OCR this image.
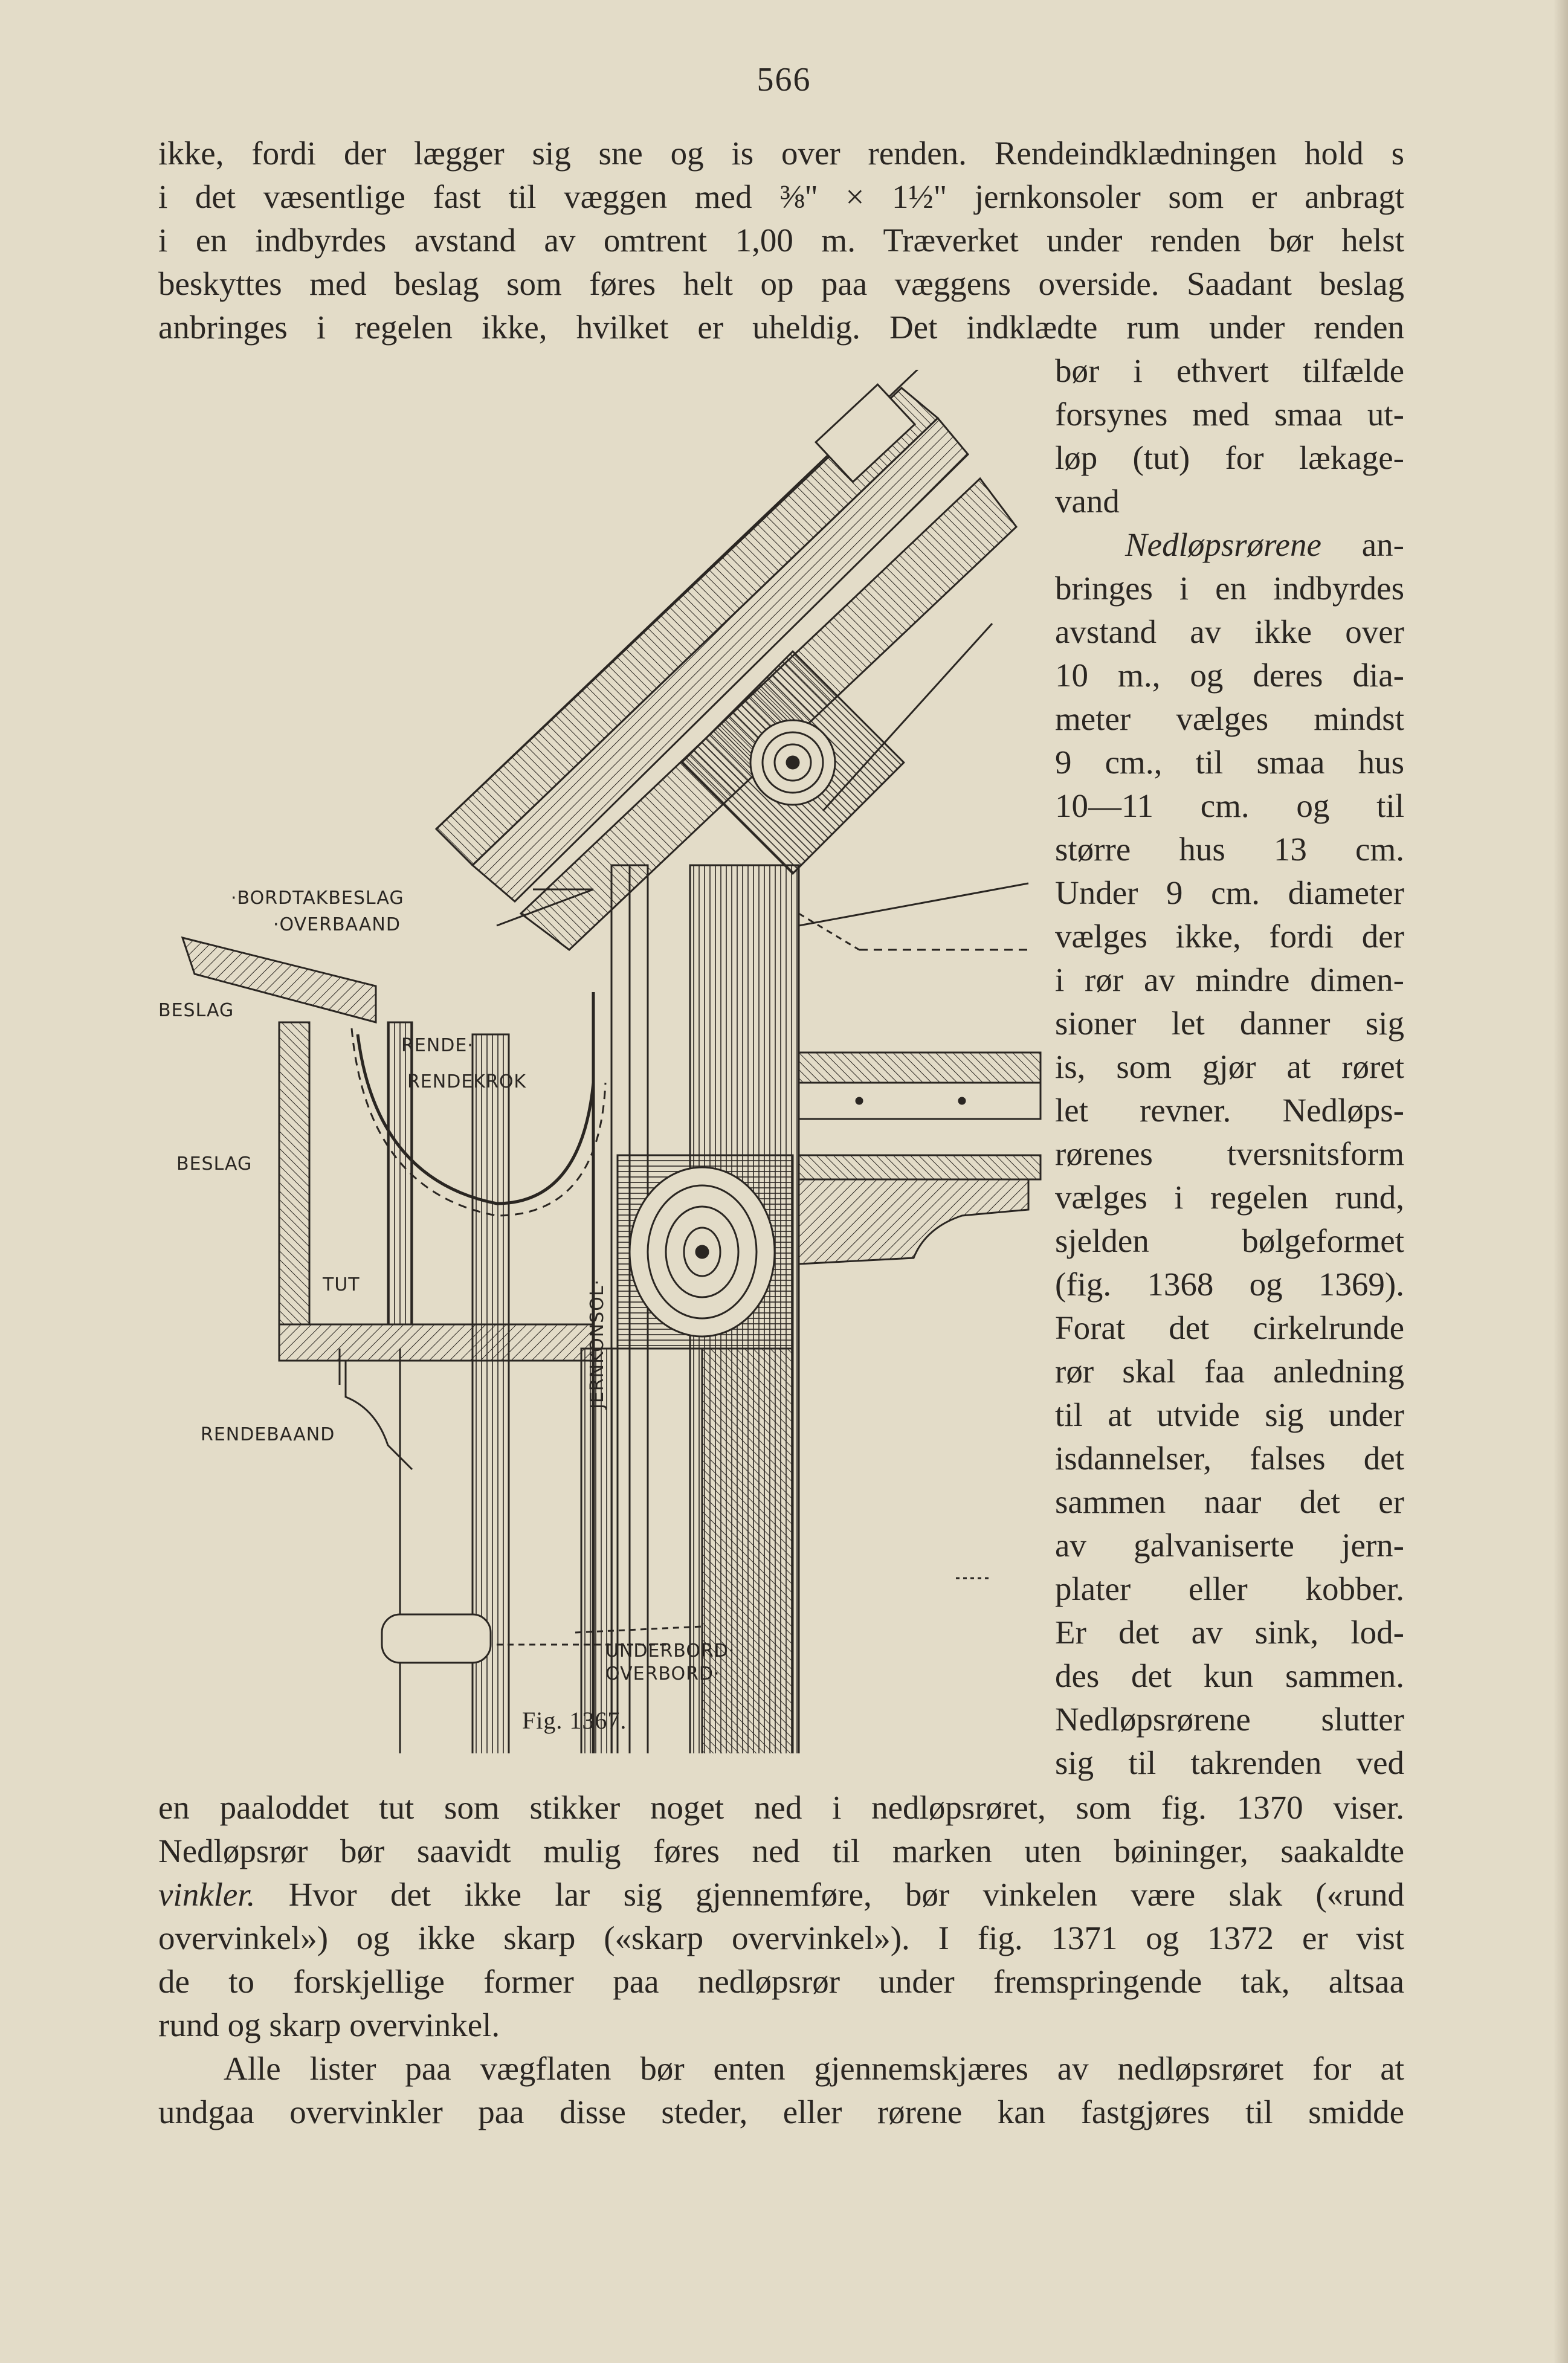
566
ikke, fordi der lægger sig sne og is over renden. Rendeindklædningen hold s
i det væsentlige fast til væggen med ⅜" × 1½" jernkonsoler som er anbragt
i en indbyrdes avstand av omtrent 1,00 m. Træverket under renden bør helst
beskyttes med beslag som føres helt op paa væggens overside. Saadant beslag
anbringes i regelen ikke, hvilket er uheldig. Det indklædte rum under renden
bør i ethvert tilfælde
forsynes med smaa ut-
løp (tut) for lækage-
vand
Nedløpsrørene an-
bringes i en indbyrdes
avstand av ikke over
10 m., og deres dia-
meter vælges mindst
9 cm., til smaa hus
10—11 cm. og til
større hus 13 cm.
Under 9 cm. diameter
vælges ikke, fordi der
i rør av mindre dimen-
sioner let danner sig
is, som gjør at røret
let revner. Nedløps-
rørenes tversnitsform
vælges i regelen rund,
sjelden bølgeformet
(fig. 1368 og 1369).
Forat det cirkelrunde
rør skal faa anledning
til at utvide sig under
isdannelser, falses det
sammen naar det er
av galvaniserte jern-
plater eller kobber.
Er det av sink, lod-
des det kun sammen.
Nedløpsrørene slutter
sig til takrenden ved
en paaloddet tut som stikker noget ned i nedløpsrøret, som fig. 1370 viser.
Nedløpsrør bør saavidt mulig føres ned til marken uten bøininger, saakaldte
vinkler. Hvor det ikke lar sig gjennemføre, bør vinkelen være slak («rund
overvinkel») og ikke skarp («skarp overvinkel»). I fig. 1371 og 1372 er vist
de to forskjellige former paa nedløpsrør under fremspringende tak, altsaa
rund og skarp overvinkel.
Alle lister paa vægflaten bør enten gjennemskjæres av nedløpsrøret for at
undgaa overvinkler paa disse steder, eller rørene kan fastgjøres til smidde
·BORDTAKBESLAG
·OVERBAAND
BESLAG
RENDE·
RENDEKROK
BESLAG
TUT
RENDEBAAND
JERNKONSOL·
UNDERBORD·
OVERBORD·
Fig. 1367.
